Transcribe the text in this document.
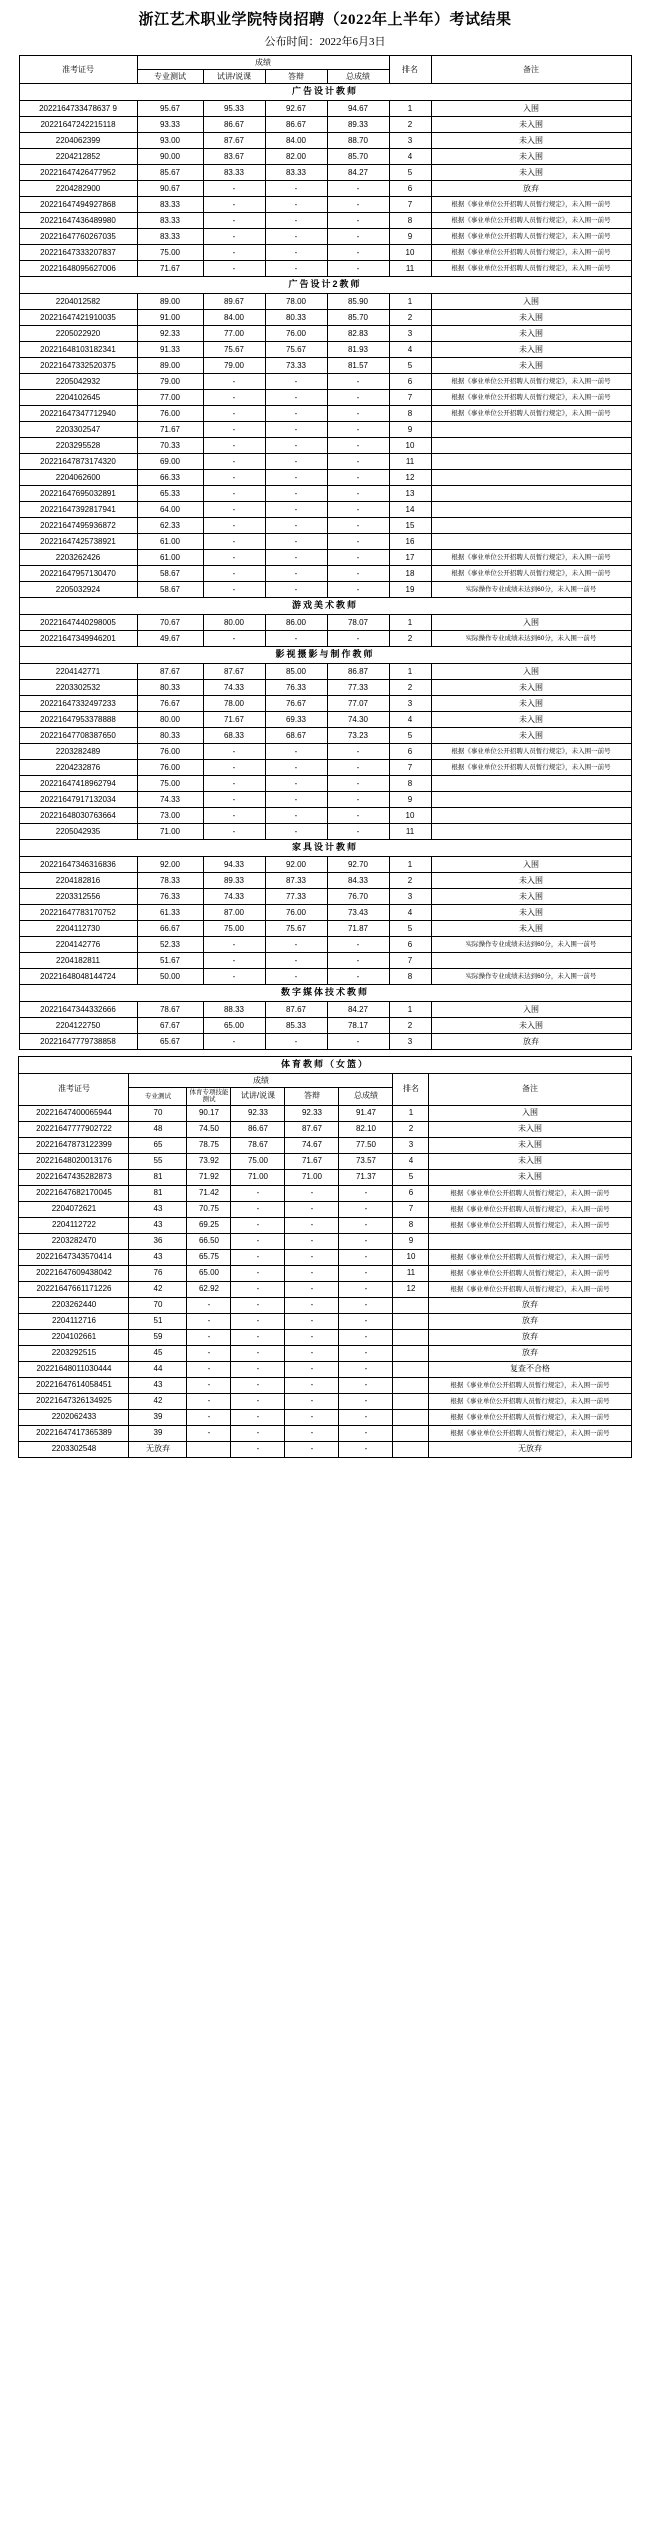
浙江艺术职业学院特岗招聘（2022年上半年）考试结果
公布时间：2022年6月3日
准考证号	成绩				排名	备注
	专业测试	试讲/说课	答辩	总成绩		
广告设计教师						
2022164733478637 9	95.67	95.33	92.67	94.67	1	入围
20221647242215118	93.33	86.67	86.67	89.33	2	未入围
2204062399	93.00	87.67	84.00	88.70	3	未入围
2204212852	90.00	83.67	82.00	85.70	4	未入围
20221647426477952	85.67	83.33	83.33	84.27	5	未入围
2204282900	90.67	-	-	-	6	放弃
20221647494927868	83.33	-	-	-	7	根据《事业单位公开招聘人员暂行规定》，未入围一前号
20221647436489980	83.33	-	-	-	8	根据《事业单位公开招聘人员暂行规定》，未入围一前号
20221647760267035	83.33	-	-	-	9	根据《事业单位公开招聘人员暂行规定》，未入围一前号
20221647333207837	75.00	-	-	-	10	根据《事业单位公开招聘人员暂行规定》，未入围一前号
20221648095627006	71.67	-	-	-	11	根据《事业单位公开招聘人员暂行规定》，未入围一前号
广告设计2教师						
2204012582	89.00	89.67	78.00	85.90	1	入围
20221647421910035	91.00	84.00	80.33	85.70	2	未入围
2205022920	92.33	77.00	76.00	82.83	3	未入围
20221648103182341	91.33	75.67	75.67	81.93	4	未入围
20221647332520375	89.00	79.00	73.33	81.57	5	未入围
2205042932	79.00	-	-	-	6	根据《事业单位公开招聘人员暂行规定》，未入围一前号
2204102645	77.00	-	-	-	7	根据《事业单位公开招聘人员暂行规定》，未入围一前号
20221647347712940	76.00	-	-	-	8	根据《事业单位公开招聘人员暂行规定》，未入围一前号
2203302547	71.67	-	-	-	9	
2203295528	70.33	-	-	-	10	
20221647873174320	69.00	-	-	-	11	
2204062600	66.33	-	-	-	12	
20221647695032891	65.33	-	-	-	13	
20221647392817941	64.00	-	-	-	14	
20221647495936872	62.33	-	-	-	15	
20221647425738921	61.00	-	-	-	16	
2203262426	61.00	-	-	-	17	根据《事业单位公开招聘人员暂行规定》，未入围一前号
20221647957130470	58.67	-	-	-	18	根据《事业单位公开招聘人员暂行规定》，未入围一前号
2205032924	58.67	-	-	-	19	实际操作专业成绩未达到60分，未入围一前号
游戏美术教师						
20221647440298005	70.67	80.00	86.00	78.07	1	入围
20221647349946201	49.67	-	-	-	2	实际操作专业成绩未达到60分，未入围一前号
影视摄影与制作教师						
2204142771	87.67	87.67	85.00	86.87	1	入围
2203302532	80.33	74.33	76.33	77.33	2	未入围
20221647332497233	76.67	78.00	76.67	77.07	3	未入围
20221647953378888	80.00	71.67	69.33	74.30	4	未入围
20221647708387650	80.33	68.33	68.67	73.23	5	未入围
2203282489	76.00	-	-	-	6	根据《事业单位公开招聘人员暂行规定》，未入围一前号
2204232876	76.00	-	-	-	7	根据《事业单位公开招聘人员暂行规定》，未入围一前号
20221647418962794	75.00	-	-	-	8	
20221647917132034	74.33	-	-	-	9	
20221648030763664	73.00	-	-	-	10	
2205042935	71.00	-	-	-	11	
家具设计教师						
20221647346316836	92.00	94.33	92.00	92.70	1	入围
2204182816	78.33	89.33	87.33	84.33	2	未入围
2203312556	76.33	74.33	77.33	76.70	3	未入围
20221647783170752	61.33	87.00	76.00	73.43	4	未入围
2204112730	66.67	75.00	75.67	71.87	5	未入围
2204142776	52.33	-	-	-	6	实际操作专业成绩未达到60分，未入围一前号
2204182811	51.67	-	-	-	7	
20221648048144724	50.00	-	-	-	8	实际操作专业成绩未达到60分，未入围一前号
数字媒体技术教师						
20221647344332666	78.67	88.33	87.67	84.27	1	入围
2204122750	67.67	65.00	85.33	78.17	2	未入围
20221647779738858	65.67	-	-	-	3	放弃
体育教师（女篮）							
准考证号	成绩					排名	备注
	专业测试	体育专项技能测试	试讲/说课	答辩	总成绩		
20221647400065944	70	90.17	92.33	92.33	91.47	1	入围
20221647777902722	48	74.50	86.67	87.67	82.10	2	未入围
20221647873122399	65	78.75	78.67	74.67	77.50	3	未入围
20221648020013176	55	73.92	75.00	71.67	73.57	4	未入围
20221647435282873	81	71.92	71.00	71.00	71.37	5	未入围
20221647682170045	81	71.42	-	-	-	6	根据《事业单位公开招聘人员暂行规定》，未入围一前号
2204072621	43	70.75	-	-	-	7	根据《事业单位公开招聘人员暂行规定》，未入围一前号
2204112722	43	69.25	-	-	-	8	根据《事业单位公开招聘人员暂行规定》，未入围一前号
2203282470	36	66.50	-	-	-	9	
20221647343570414	43	65.75	-	-	-	10	根据《事业单位公开招聘人员暂行规定》，未入围一前号
20221647609438042	76	65.00	-	-	-	11	根据《事业单位公开招聘人员暂行规定》，未入围一前号
20221647661171226	42	62.92	-	-	-	12	根据《事业单位公开招聘人员暂行规定》，未入围一前号
2203262440	70	-	-	-	-		放弃
2204112716	51	-	-	-	-		放弃
2204102661	59	-	-	-	-		放弃
2203292515	45	-	-	-	-		放弃
20221648011030444	44	-	-	-	-		复查不合格
20221647614058451	43	-	-	-	-		根据《事业单位公开招聘人员暂行规定》，未入围一前号
20221647326134925	42	-	-	-	-		根据《事业单位公开招聘人员暂行规定》，未入围一前号
2202062433	39	-	-	-	-		根据《事业单位公开招聘人员暂行规定》，未入围一前号
20221647417365389	39	-	-	-	-		根据《事业单位公开招聘人员暂行规定》，未入围一前号
2203302548	无放弃		-	-	-		无放弃
